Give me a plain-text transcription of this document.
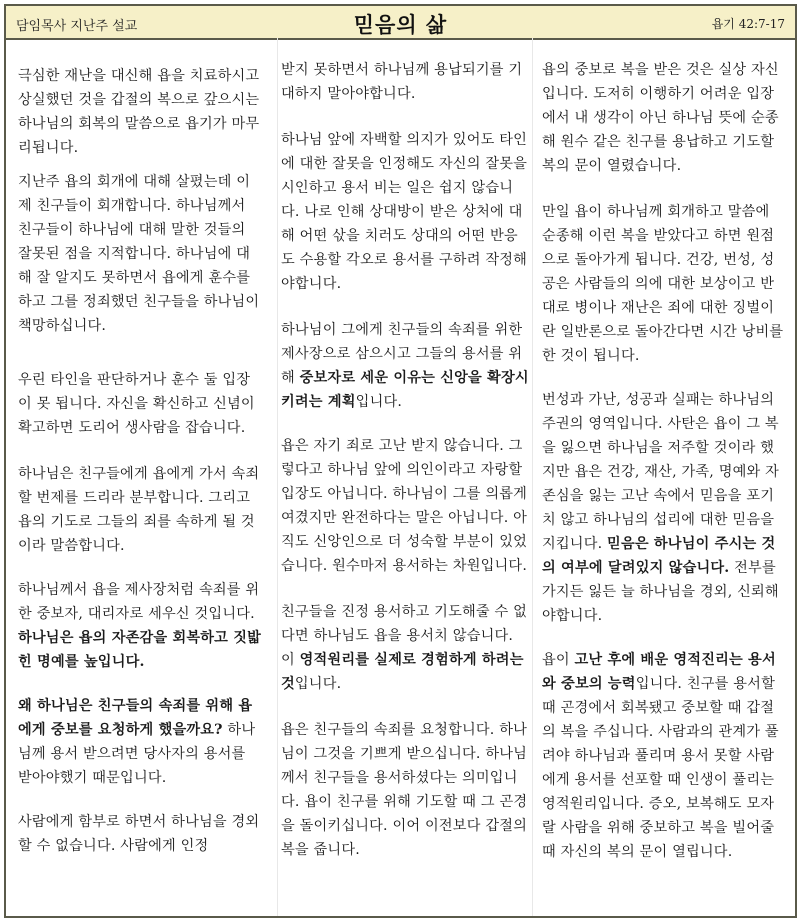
담임목사 지난주 설교	믿음의 삶	욥기 42:7-17

극심한 재난을 대신해 욥을 치료하시고 상실했던 것을 갑절의 복으로 갚으시는 하나님의 회복의 말씀으로 욥기가 마무리됩니다.

지난주 욥의 회개에 대해 살폈는데 이제 친구들이 회개합니다. 하나님께서 친구들이 하나님에 대해 말한 것들의 잘못된 점을 지적합니다. 하나님에 대해 잘 알지도 못하면서 욥에게 훈수를 하고 그를 정죄했던 친구들을 하나님이 책망하십니다.

우린 타인을 판단하거나 훈수 둘 입장이 못 됩니다. 자신을 확신하고 신념이 확고하면 도리어 생사람을 잡습니다.

하나님은 친구들에게 욥에게 가서 속죄할 번제를 드리라 분부합니다. 그리고 욥의 기도로 그들의 죄를 속하게 될 것이라 말씀합니다.

하나님께서 욥을 제사장처럼 속죄를 위한 중보자, 대리자로 세우신 것입니다. 하나님은 욥의 자존감을 회복하고 짓밟힌 명예를 높입니다.

왜 하나님은 친구들의 속죄를 위해 욥에게 중보를 요청하게 했을까요? 하나님께 용서 받으려면 당사자의 용서를 받아야했기 때문입니다.

사람에게 함부로 하면서 하나님을 경외할 수 없습니다. 사람에게 인정

받지 못하면서 하나님께 용납되기를 기대하지 말아야합니다.

하나님 앞에 자백할 의지가 있어도 타인에 대한 잘못을 인정해도 자신의 잘못을 시인하고 용서 비는 일은 쉽지 않습니다. 나로 인해 상대방이 받은 상처에 대해 어떤 삯을 치러도 상대의 어떤 반응도 수용할 각오로 용서를 구하려 작정해야합니다.

하나님이 그에게 친구들의 속죄를 위한 제사장으로 삼으시고 그들의 용서를 위해 중보자로 세운 이유는 신앙을 확장시키려는 계획입니다.

욥은 자기 죄로 고난 받지 않습니다. 그렇다고 하나님 앞에 의인이라고 자랑할 입장도 아닙니다. 하나님이 그를 의롭게 여겼지만 완전하다는 말은 아닙니다. 아직도 신앙인으로 더 성숙할 부분이 있었습니다. 원수마저 용서하는 차원입니다.

친구들을 진정 용서하고 기도해줄 수 없다면 하나님도 욥을 용서치 않습니다. 이 영적원리를 실제로 경험하게 하려는 것입니다.

욥은 친구들의 속죄를 요청합니다. 하나님이 그것을 기쁘게 받으십니다. 하나님께서 친구들을 용서하셨다는 의미입니다. 욥이 친구를 위해 기도할 때 그 곤경을 돌이키십니다. 이어 이전보다 갑절의 복을 줍니다.

욥의 중보로 복을 받은 것은 실상 자신입니다. 도저히 이행하기 어려운 입장에서 내 생각이 아닌 하나님 뜻에 순종해 원수 같은 친구를 용납하고 기도할 복의 문이 열렸습니다.

만일 욥이 하나님께 회개하고 말씀에 순종해 이런 복을 받았다고 하면 원점으로 돌아가게 됩니다. 건강, 번성, 성공은 사람들의 의에 대한 보상이고 반대로 병이나 재난은 죄에 대한 징벌이란 일반론으로 돌아간다면 시간 낭비를 한 것이 됩니다.

번성과 가난, 성공과 실패는 하나님의 주권의 영역입니다. 사탄은 욥이 그 복을 잃으면 하나님을 저주할 것이라 했지만 욥은 건강, 재산, 가족, 명예와 자존심을 잃는 고난 속에서 믿음을 포기치 않고 하나님의 섭리에 대한 믿음을 지킵니다. 믿음은 하나님이 주시는 것의 여부에 달려있지 않습니다. 전부를 가지든 잃든 늘 하나님을 경외, 신뢰해야합니다.

욥이 고난 후에 배운 영적진리는 용서와 중보의 능력입니다. 친구를 용서할 때 곤경에서 회복됐고 중보할 때 갑절의 복을 주십니다. 사람과의 관계가 풀려야 하나님과 풀리며 용서 못할 사람에게 용서를 선포할 때 인생이 풀리는 영적원리입니다. 증오, 보복해도 모자랄 사람을 위해 중보하고 복을 빌어줄 때 자신의 복의 문이 열립니다.
